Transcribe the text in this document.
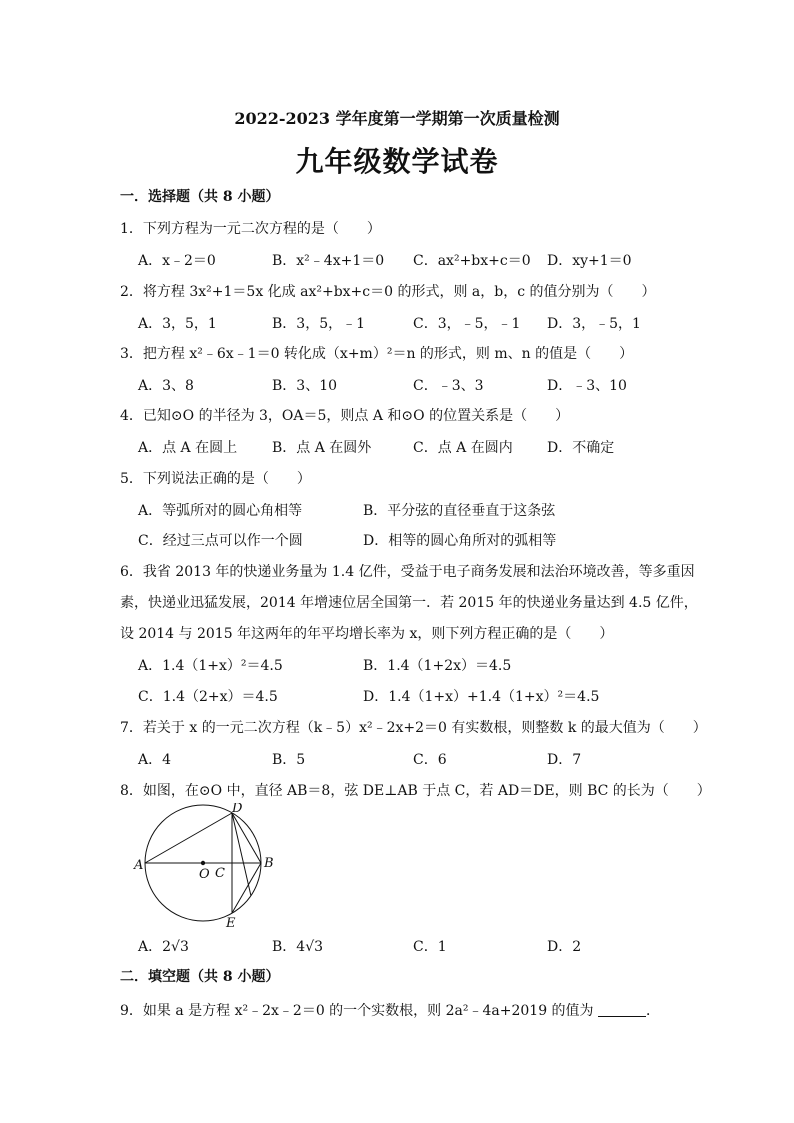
2022-2023 学年度第一学期第一次质量检测
九年级数学试卷
一．选择题（共 8 小题）
1．下列方程为一元二次方程的是（　　）
A．x﹣2＝0	B．x²﹣4x+1＝0 C．ax²+bx+c＝0 D．xy+1＝0
2．将方程 3x²+1＝5x 化成 ax²+bx+c＝0 的形式，则 a，b，c 的值分别为（　　）
A．3，5，1	B．3，5，﹣1	C．3，﹣5，﹣1 D．3，﹣5，1
3．把方程 x²﹣6x﹣1＝0 转化成（x+m）²＝n 的形式，则 m、n 的值是（　　）
A．3、8	B．3、10	C．﹣3、3	D．﹣3、10
4．已知⊙O 的半径为 3，OA＝5，则点 A 和⊙O 的位置关系是（　　）
A．点 A 在圆上 B．点 A 在圆外	C．点 A 在圆内 D．不确定
5．下列说法正确的是（　　）
A．等弧所对的圆心角相等	B．平分弦的直径垂直于这条弦
C．经过三点可以作一个圆	D．相等的圆心角所对的弧相等
6．我省 2013 年的快递业务量为 1.4 亿件，受益于电子商务发展和法治环境改善，等多重因
素，快递业迅猛发展，2014 年增速位居全国第一．若 2015 年的快递业务量达到 4.5 亿件，
设 2014 与 2015 年这两年的年平均增长率为 x，则下列方程正确的是（　　）
A．1.4（1+x）²＝4.5	B．1.4（1+2x）＝4.5
C．1.4（2+x）＝4.5	D．1.4（1+x）+1.4（1+x）²＝4.5
7．若关于 x 的一元二次方程（k﹣5）x²﹣2x+2＝0 有实数根，则整数 k 的最大值为（　　）
A．4	B．5	C．6	D．7
8．如图，在⊙O 中，直径 AB＝8，弦 DE⊥AB 于点 C，若 AD＝DE，则 BC 的长为（　　）
A	B
C
D
E
O
A．2√3	B．4√3	C．1	D．2
二．填空题（共 8 小题）
9．如果 a 是方程 x²﹣2x﹣2＝0 的一个实数根，则 2a²﹣4a+2019 的值为	．
